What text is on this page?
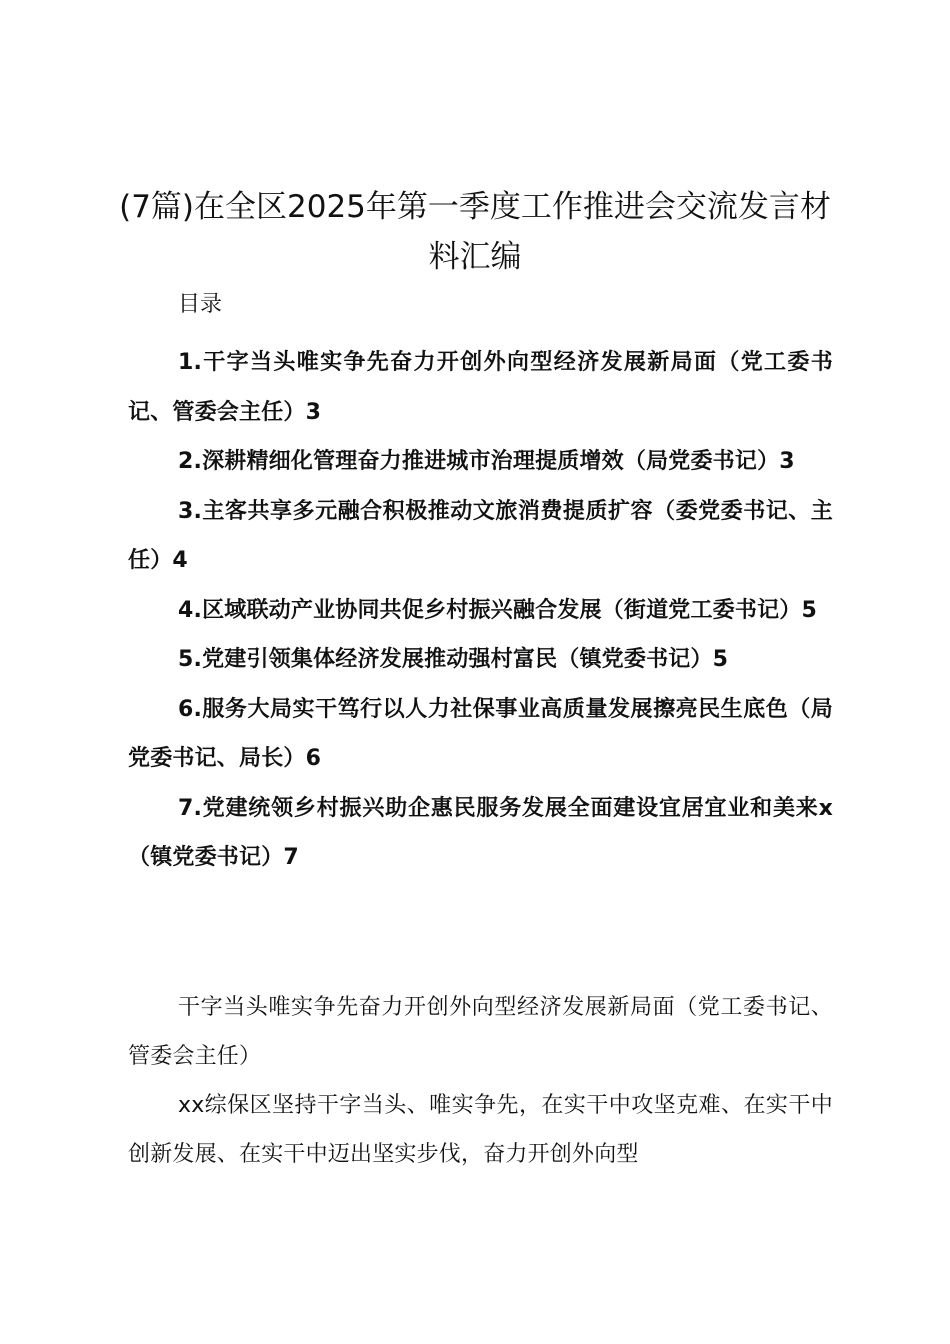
(7篇)在全区2025年第一季度工作推进会交流发言材料汇编
目录
1.干字当头唯实争先奋力开创外向型经济发展新局面（党工委书记、管委会主任）3
2.深耕精细化管理奋力推进城市治理提质增效（局党委书记）3
3.主客共享多元融合积极推动文旅消费提质扩容（委党委书记、主任）4
4.区域联动产业协同共促乡村振兴融合发展（街道党工委书记）5
5.党建引领集体经济发展推动强村富民（镇党委书记）5
6.服务大局实干笃行以人力社保事业高质量发展擦亮民生底色（局党委书记、局长）6
7.党建统领乡村振兴助企惠民服务发展全面建设宜居宜业和美来x（镇党委书记）7

干字当头唯实争先奋力开创外向型经济发展新局面（党工委书记、管委会主任）

xx综保区坚持干字当头、唯实争先，在实干中攻坚克难、在实干中创新发展、在实干中迈出坚实步伐，奋力开创外向型
